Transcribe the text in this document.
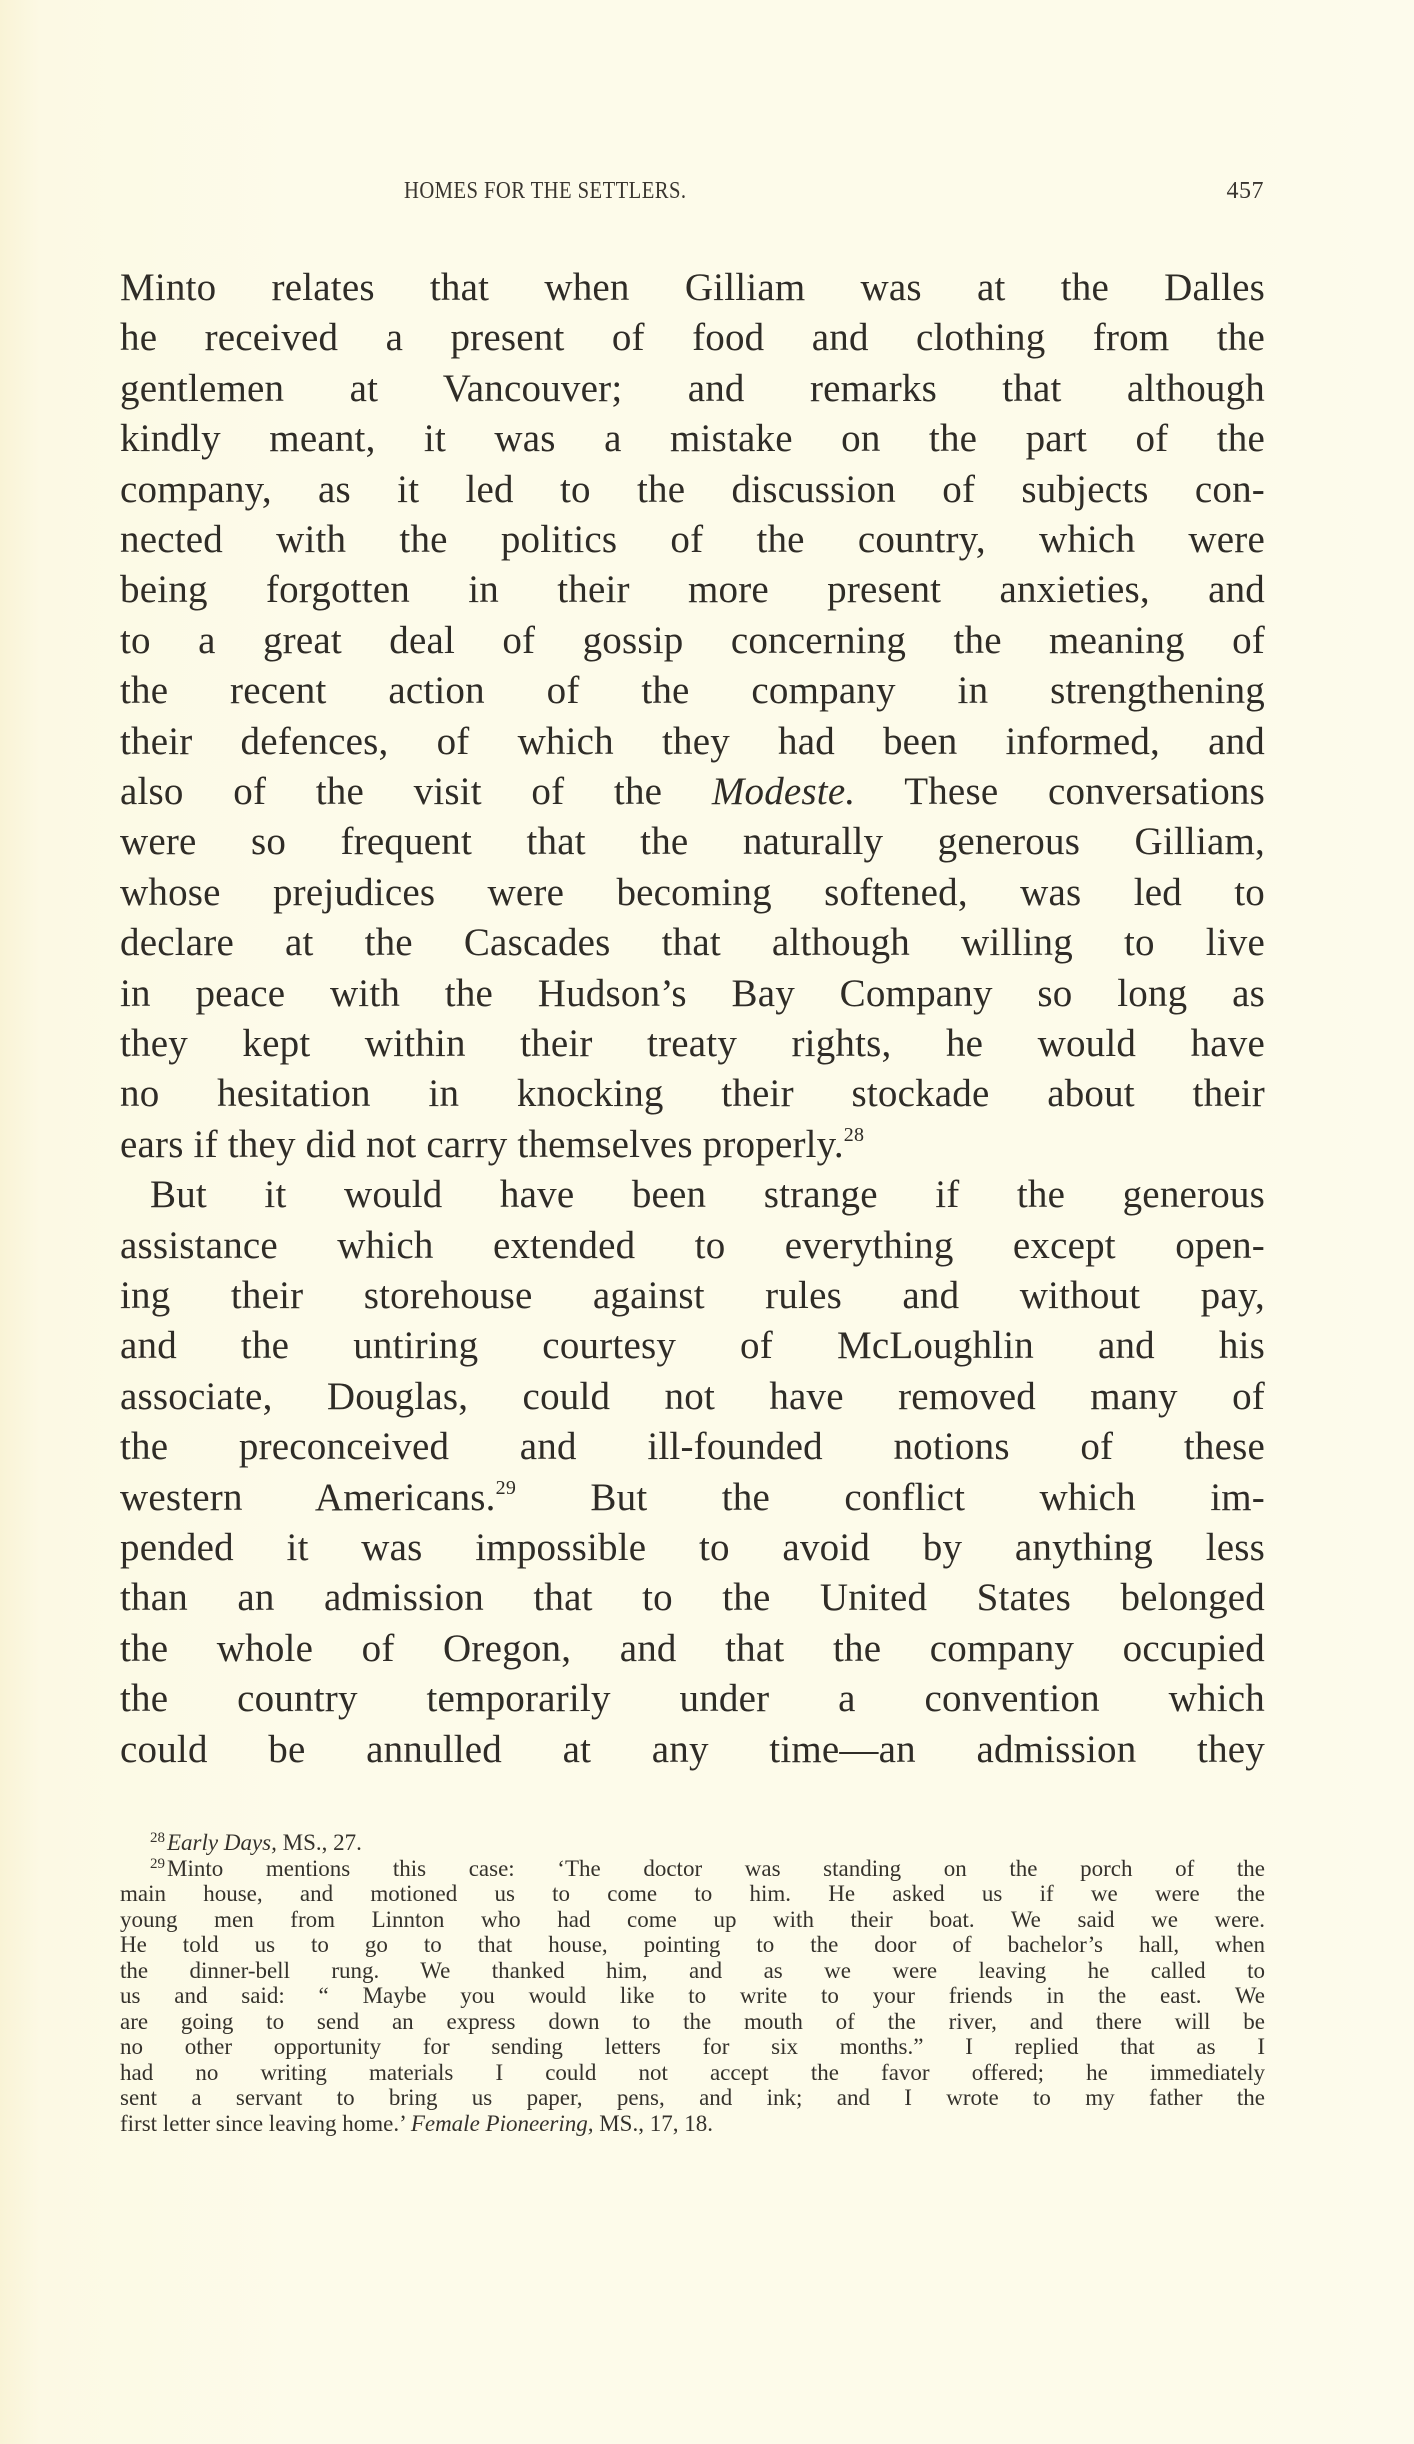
HOMES FOR THE SETTLERS.	457
Minto relates that when Gilliam was at the Dalles
he received a present of food and clothing from the
gentlemen at Vancouver; and remarks that although
kindly meant, it was a mistake on the part of the
company, as it led to the discussion of subjects con-
nected with the politics of the country, which were
being forgotten in their more present anxieties, and
to a great deal of gossip concerning the meaning of
the recent action of the company in strengthening
their defences, of which they had been informed, and
also of the visit of the Modeste. These conversations
were so frequent that the naturally generous Gilliam,
whose prejudices were becoming softened, was led to
declare at the Cascades that although willing to live
in peace with the Hudson’s Bay Company so long as
they kept within their treaty rights, he would have
no hesitation in knocking their stockade about their
ears if they did not carry themselves properly.$^{28}$
But it would have been strange if the generous
assistance which extended to everything except open-
ing their storehouse against rules and without pay,
and the untiring courtesy of McLoughlin and his
associate, Douglas, could not have removed many of
the preconceived and ill-founded notions of these
western Americans.$^{29}$ But the conflict which im-
pended it was impossible to avoid by anything less
than an admission that to the United States belonged
the whole of Oregon, and that the company occupied
the country temporarily under a convention which
could be annulled at any time—an admission they
$^{28}$Early Days, MS., 27.
$^{29}$Minto mentions this case: ‘The doctor was standing on the porch of the
main house, and motioned us to come to him. He asked us if we were the
young men from Linnton who had come up with their boat. We said we were.
He told us to go to that house, pointing to the door of bachelor’s hall, when
the dinner-bell rung. We thanked him, and as we were leaving he called to
us and said: “ Maybe you would like to write to your friends in the east. We
are going to send an express down to the mouth of the river, and there will be
no other opportunity for sending letters for six months.” I replied that as I
had no writing materials I could not accept the favor offered; he immediately
sent a servant to bring us paper, pens, and ink; and I wrote to my father the
first letter since leaving home.’ Female Pioneering, MS., 17, 18.
